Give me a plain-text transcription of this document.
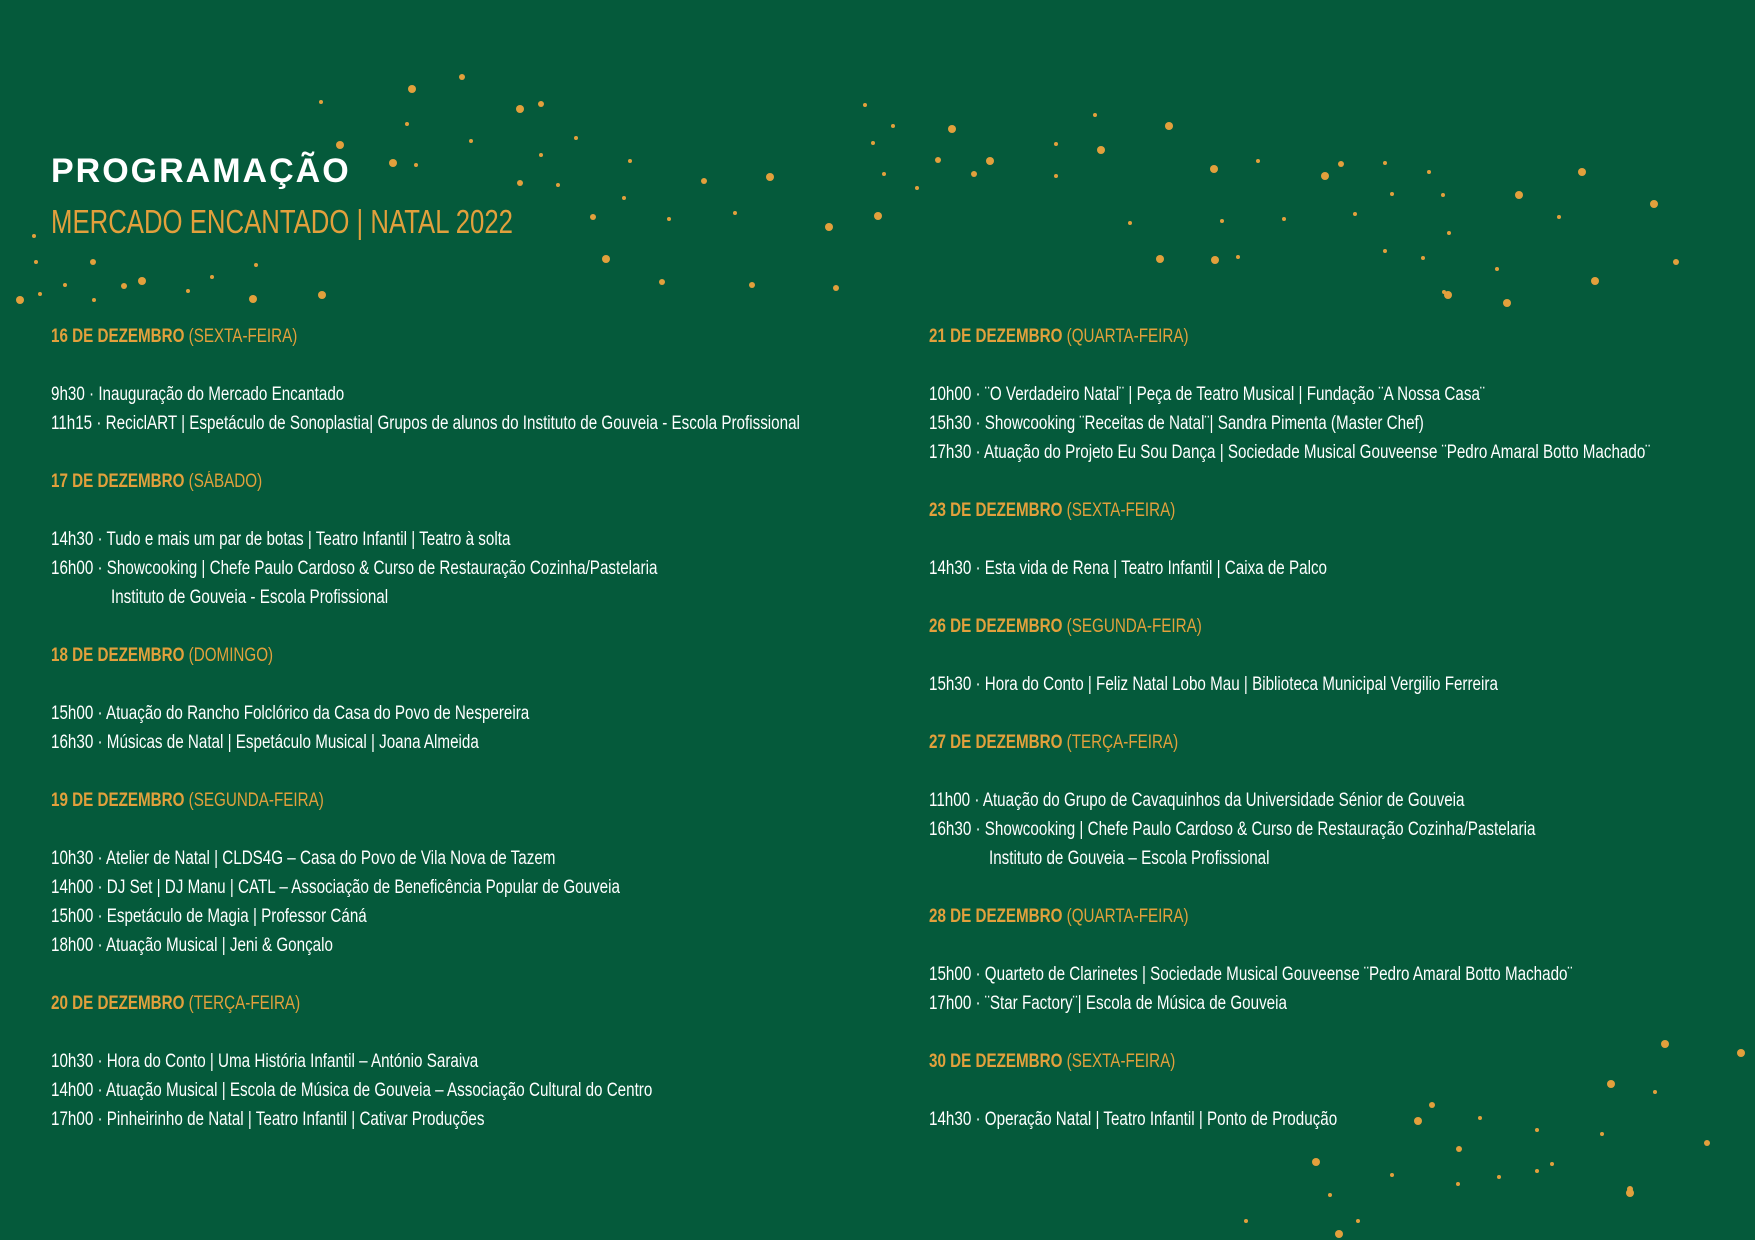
PROGRAMAÇÃO
MERCADO ENCANTADO | NATAL 2022
16 DE DEZEMBRO (SEXTA-FEIRA)
9h30 · Inauguração do Mercado Encantado
11h15 · ReciclART | Espetáculo de Sonoplastia| Grupos de alunos do Instituto de Gouveia - Escola Profissional
17 DE DEZEMBRO (SÁBADO)
14h30 · Tudo e mais um par de botas | Teatro Infantil | Teatro à solta
16h00 · Showcooking | Chefe Paulo Cardoso & Curso de Restauração Cozinha/Pastelaria
Instituto de Gouveia - Escola Profissional
18 DE DEZEMBRO (DOMINGO)
15h00 · Atuação do Rancho Folclórico da Casa do Povo de Nespereira
16h30 · Músicas de Natal | Espetáculo Musical | Joana Almeida
19 DE DEZEMBRO (SEGUNDA-FEIRA)
10h30 · Atelier de Natal | CLDS4G – Casa do Povo de Vila Nova de Tazem
14h00 · DJ Set | DJ Manu | CATL – Associação de Beneficência Popular de Gouveia
15h00 · Espetáculo de Magia | Professor Cáná
18h00 · Atuação Musical | Jeni & Gonçalo
20 DE DEZEMBRO (TERÇA-FEIRA)
10h30 · Hora do Conto | Uma História Infantil – António Saraiva
14h00 · Atuação Musical | Escola de Música de Gouveia – Associação Cultural do Centro
17h00 · Pinheirinho de Natal | Teatro Infantil | Cativar Produções
21 DE DEZEMBRO (QUARTA-FEIRA)
10h00 · ¨O Verdadeiro Natal¨ | Peça de Teatro Musical | Fundação ¨A Nossa Casa¨
15h30 · Showcooking ¨Receitas de Natal¨| Sandra Pimenta (Master Chef)
17h30 · Atuação do Projeto Eu Sou Dança | Sociedade Musical Gouveense ¨Pedro Amaral Botto Machado¨
23 DE DEZEMBRO (SEXTA-FEIRA)
14h30 · Esta vida de Rena | Teatro Infantil | Caixa de Palco
26 DE DEZEMBRO (SEGUNDA-FEIRA)
15h30 · Hora do Conto | Feliz Natal Lobo Mau | Biblioteca Municipal Vergilio Ferreira
27 DE DEZEMBRO (TERÇA-FEIRA)
11h00 · Atuação do Grupo de Cavaquinhos da Universidade Sénior de Gouveia
16h30 · Showcooking | Chefe Paulo Cardoso & Curso de Restauração Cozinha/Pastelaria
Instituto de Gouveia – Escola Profissional
28 DE DEZEMBRO (QUARTA-FEIRA)
15h00 · Quarteto de Clarinetes | Sociedade Musical Gouveense ¨Pedro Amaral Botto Machado¨
17h00 · ¨Star Factory¨| Escola de Música de Gouveia
30 DE DEZEMBRO (SEXTA-FEIRA)
14h30 · Operação Natal | Teatro Infantil | Ponto de Produção
